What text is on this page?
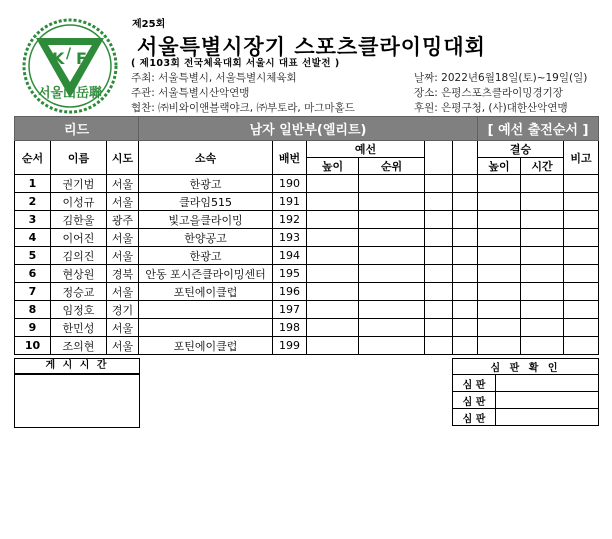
K / F
서울山岳聯
제25회
서울특별시장기 스포츠클라이밍대회
( 제103회 전국체육대회 서울시 대표 선발전 )
주최: 서울특별시, 서울특별시체육회
주관: 서울특별시산악연맹
협찬: ㈜비와이앤블랙야크, ㈜부토라, 마그마홀드
날짜: 2022년6월18일(토)~19일(일)
장소: 은평스포츠클라이밍경기장
후원: 은평구청, (사)대한산악연맹
리드			남자 일반부(엘리트)						[ 예선 출전순서 ]		
순서	이름	시도	소속	배번	예선				결승		비고
					높이	순위			높이	시간	
1	권기범	서울	한광고	190							
2	이성규	서울	클라임515	191							
3	김한울	광주	빛고을클라이밍	192							
4	이어진	서울	한양공고	193							
5	김의진	서울	한광고	194							
6	현상원	경북	안동 포시즌클라이밍센터	195							
7	정승교	서울	포틴에이클럽	196							
8	임정호	경기		197							
9	한민성	서울		198							
10	조의현	서울	포틴에이클럽	199							
게 시 시 간	심 판 확 인	
심 판	
심 판	
심 판	
